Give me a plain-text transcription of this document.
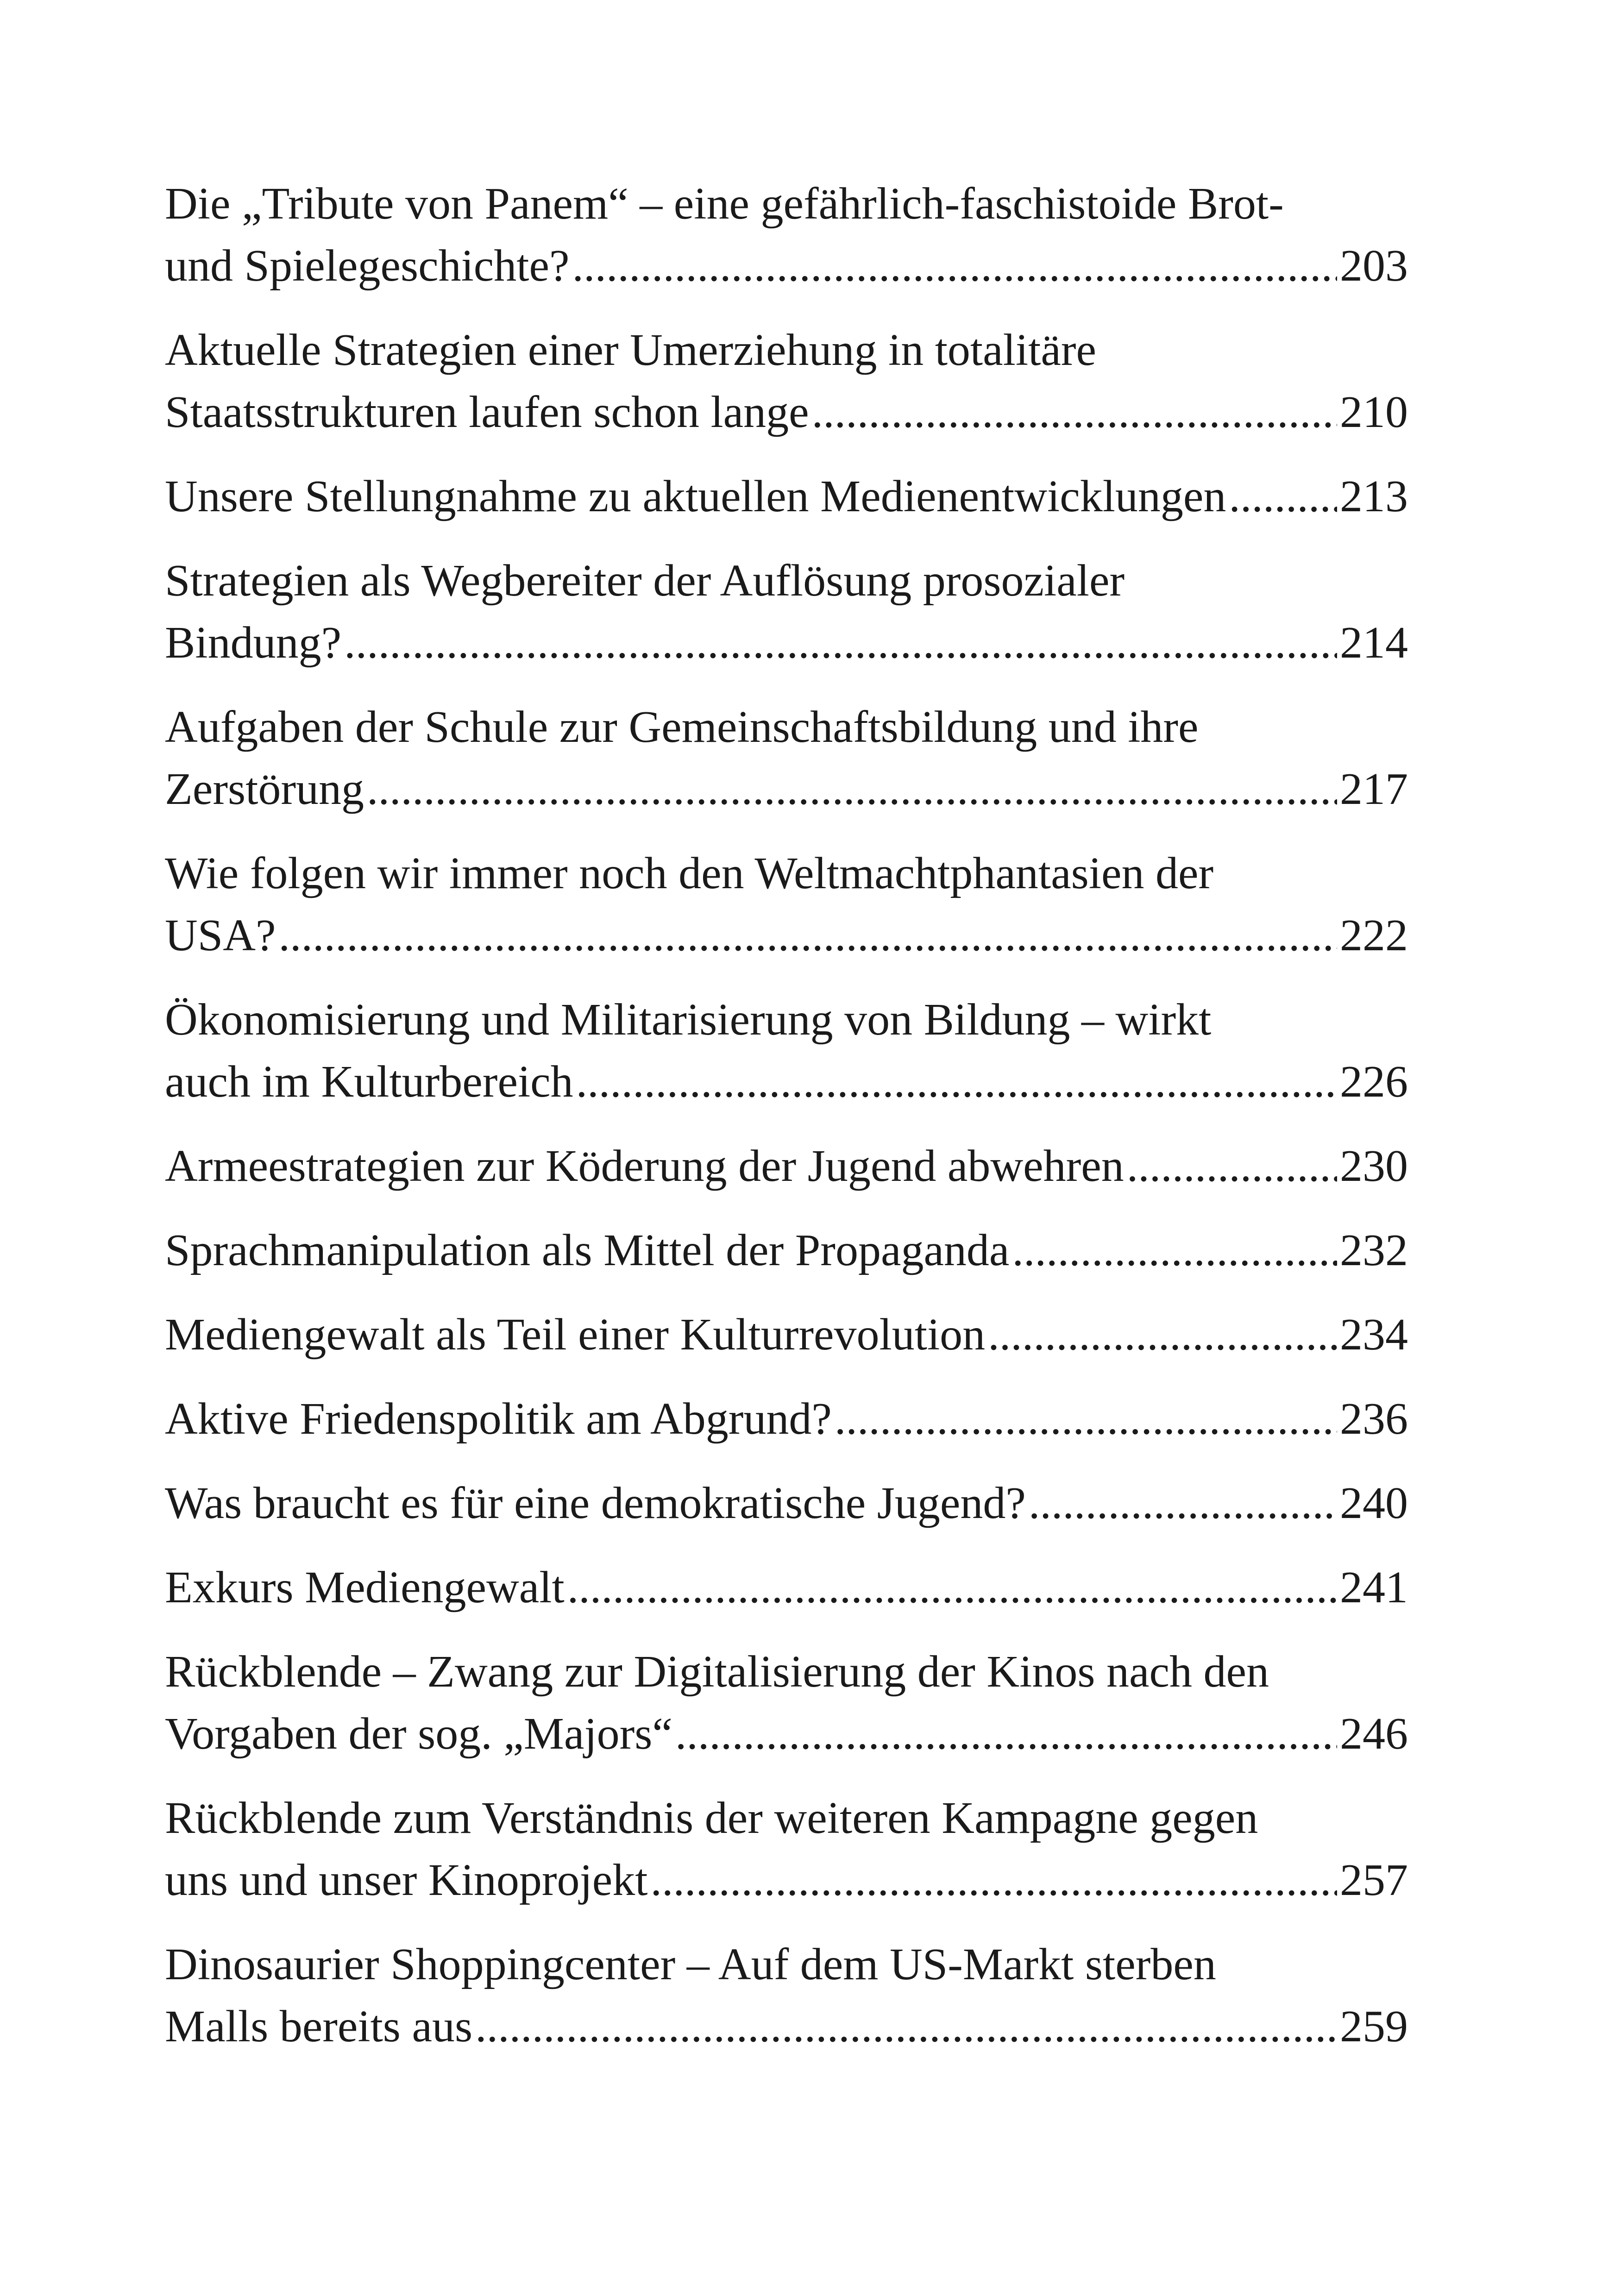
Die „Tribute von Panem“ – eine gefährlich-faschistoide Brot-
und Spielegeschichte? .....	203
Aktuelle Strategien einer Umerziehung in totalitäre
Staatsstrukturen laufen schon lange .....	210
Unsere Stellungnahme zu aktuellen Medienentwicklungen .....	213
Strategien als Wegbereiter der Auflösung prosozialer
Bindung? .....	214
Aufgaben der Schule zur Gemeinschaftsbildung und ihre
Zerstörung .....	217
Wie folgen wir immer noch den Weltmachtphantasien der
USA? .....	222
Ökonomisierung und Militarisierung von Bildung – wirkt
auch im Kulturbereich .....	226
Armeestrategien zur Köderung der Jugend abwehren .....	230
Sprachmanipulation als Mittel der Propaganda .....	232
Mediengewalt als Teil einer Kulturrevolution .....	234
Aktive Friedenspolitik am Abgrund? .....	236
Was braucht es für eine demokratische Jugend? .....	240
Exkurs Mediengewalt .....	241
Rückblende – Zwang zur Digitalisierung der Kinos nach den
Vorgaben der sog. „Majors“ .....	246
Rückblende zum Verständnis der weiteren Kampagne gegen
uns und unser Kinoprojekt .....	257
Dinosaurier Shoppingcenter – Auf dem US-Markt sterben
Malls bereits aus .....	259
